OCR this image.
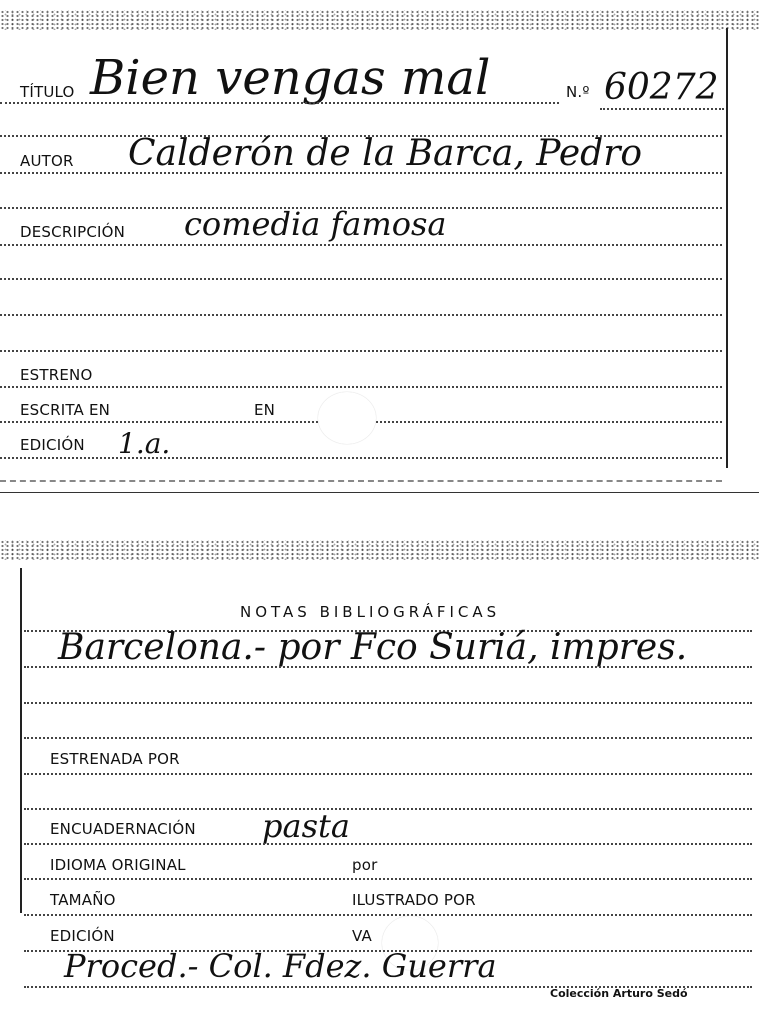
TÍTULO Bien vengas mal	N.º 60272
AUTOR Calderón de la Barca, Pedro
DESCRIPCIÓN comedia famosa
ESTRENO
ESCRITA EN	EN
EDICIÓN 1.a.
NOTAS BIBLIOGRÁFICAS
Barcelona.- por Fco Suriá, impres.
ESTRENADA POR
ENCUADERNACIÓN pasta
IDIOMA ORIGINAL	por
TAMAÑO	ILUSTRADO POR
EDICIÓN	VA
Proced.- Col. Fdez. Guerra
Colección Arturo Sedó
